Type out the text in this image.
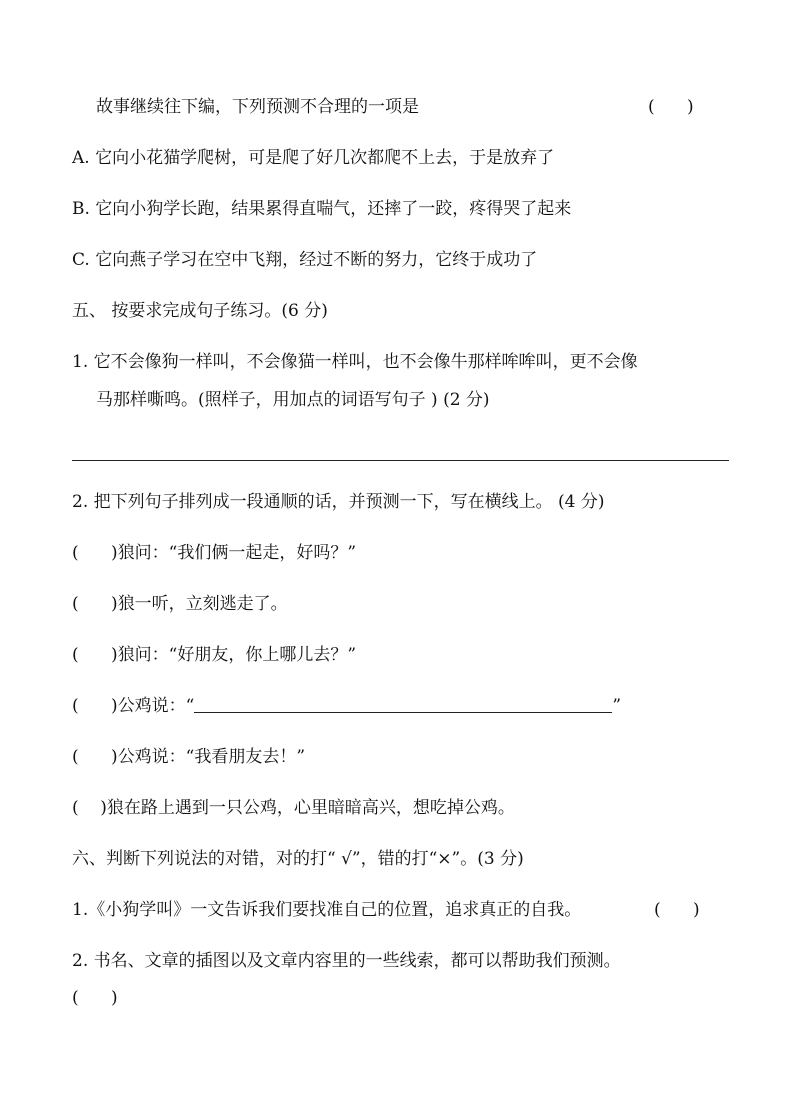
故事继续往下编，下列预测不合理的一项是	(      )
A. 它向小花猫学爬树，可是爬了好几次都爬不上去，于是放弃了
B. 它向小狗学长跑，结果累得直喘气，还摔了一跤，疼得哭了起来
C. 它向燕子学习在空中飞翔，经过不断的努力，它终于成功了
五、 按要求完成句子练习。(6 分)
1. 它不会像狗一样叫，不会像猫一样叫，也不会像牛那样哞哞叫，更不会像
马那样嘶鸣。(照样子，用加点的词语写句子 ) (2 分)
2. 把下列句子排列成一段通顺的话，并预测一下，写在横线上。 (4 分)
(      )狼问：“我们俩一起走，好吗？”
(      )狼一听，立刻逃走了。
(      )狼问：“好朋友，你上哪儿去？”
(      )公鸡说：“	”
(      )公鸡说：“我看朋友去！”
(    )狼在路上遇到一只公鸡，心里暗暗高兴，想吃掉公鸡。
六、判断下列说法的对错，对的打“ √”，错的打“×”。(3 分)
1.《小狗学叫》一文告诉我们要找准自己的位置，追求真正的自我。	(      )
2. 书名、文章的插图以及文章内容里的一些线索，都可以帮助我们预测。
(      )
